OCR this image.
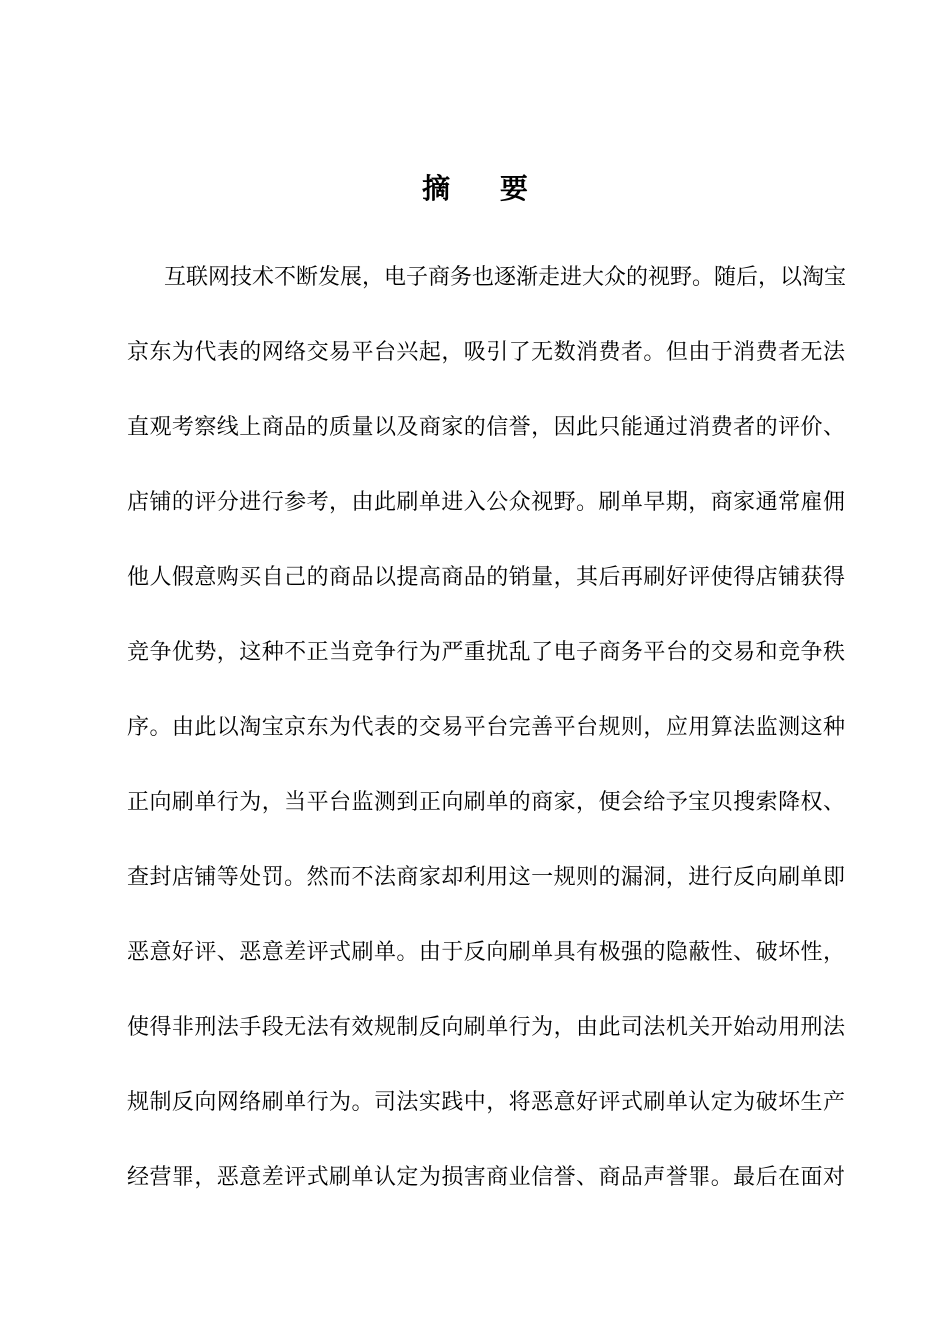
摘 要
互联网技术不断发展，电子商务也逐渐走进大众的视野。随后，以淘宝
京东为代表的网络交易平台兴起，吸引了无数消费者。但由于消费者无法
直观考察线上商品的质量以及商家的信誉，因此只能通过消费者的评价、
店铺的评分进行参考，由此刷单进入公众视野。刷单早期，商家通常雇佣
他人假意购买自己的商品以提高商品的销量，其后再刷好评使得店铺获得
竞争优势，这种不正当竞争行为严重扰乱了电子商务平台的交易和竞争秩
序。由此以淘宝京东为代表的交易平台完善平台规则，应用算法监测这种
正向刷单行为，当平台监测到正向刷单的商家，便会给予宝贝搜索降权、
查封店铺等处罚。然而不法商家却利用这一规则的漏洞，进行反向刷单即
恶意好评、恶意差评式刷单。由于反向刷单具有极强的隐蔽性、破坏性，
使得非刑法手段无法有效规制反向刷单行为，由此司法机关开始动用刑法
规制反向网络刷单行为。司法实践中，将恶意好评式刷单认定为破坏生产
经营罪，恶意差评式刷单认定为损害商业信誉、商品声誉罪。最后在面对
